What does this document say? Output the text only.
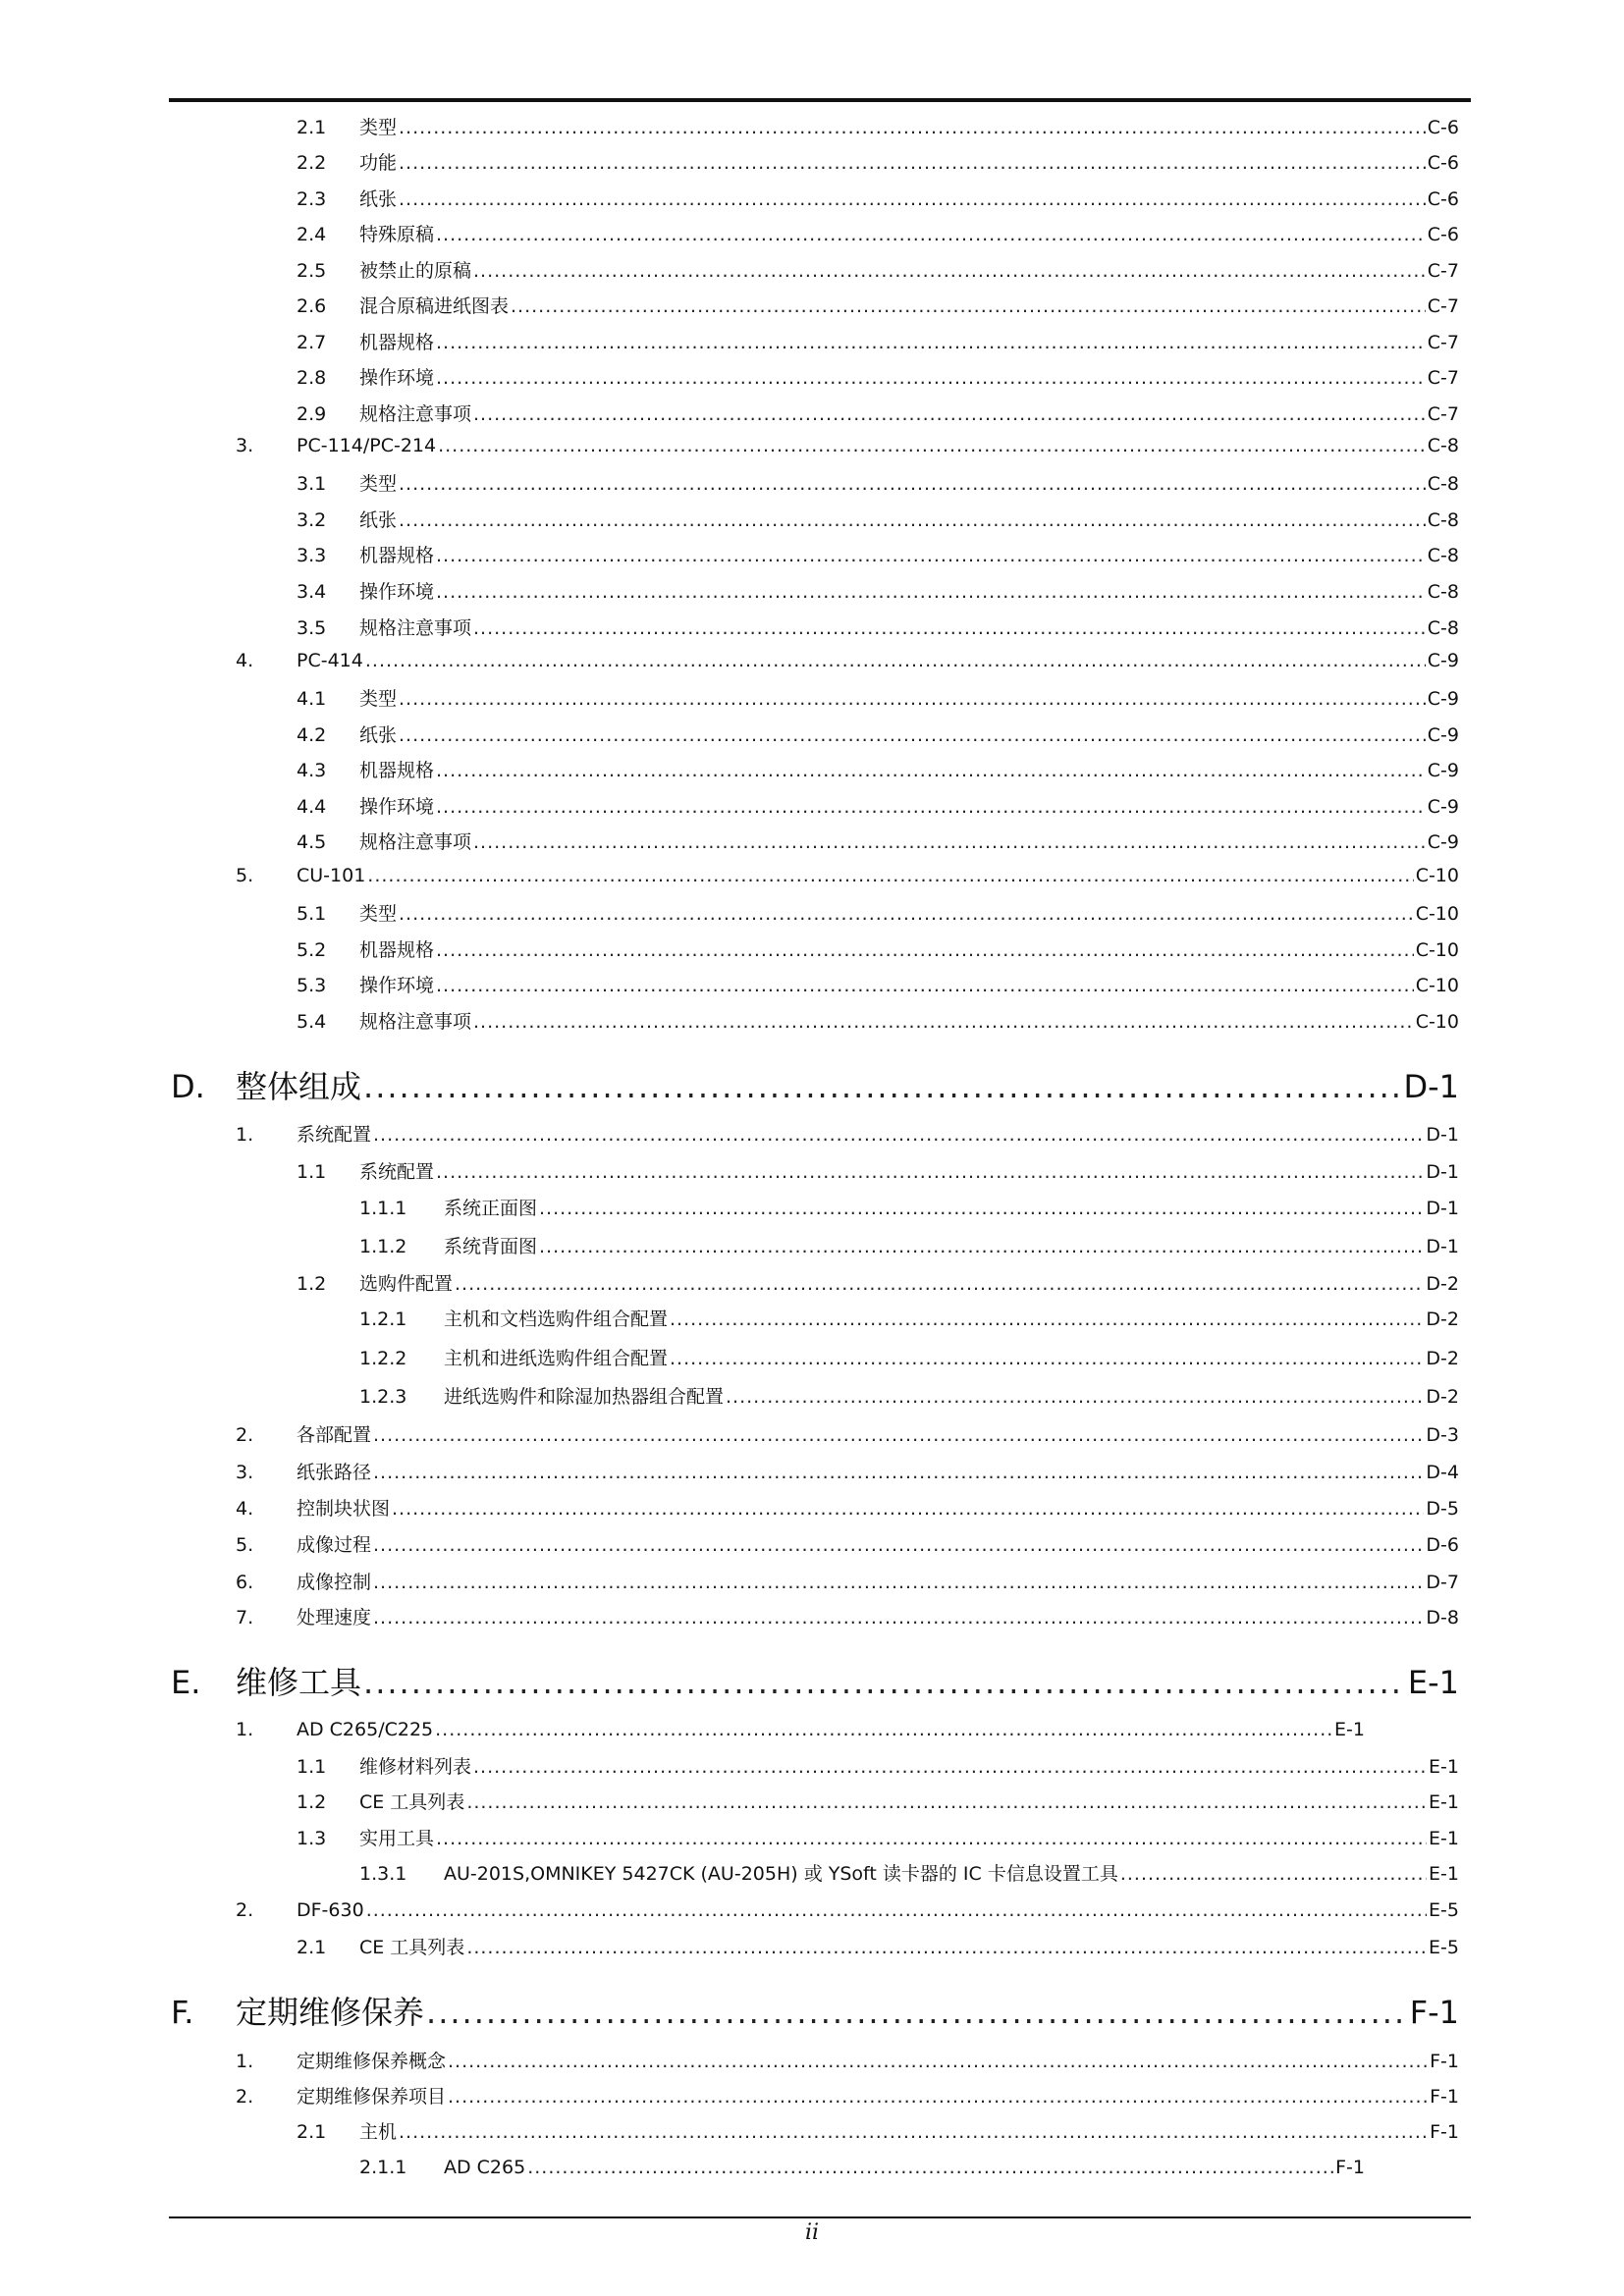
2.1	类型 .....	C-6
2.2	功能 .....	C-6
2.3	纸张 .....	C-6
2.4	特殊原稿 .....	C-6
2.5	被禁止的原稿 .....	C-7
2.6	混合原稿进纸图表 .....	C-7
2.7	机器规格 .....	C-7
2.8	操作环境 .....	C-7
2.9	规格注意事项 .....	C-7
3.	PC-114/PC-214 .....	C-8
3.1	类型 .....	C-8
3.2	纸张 .....	C-8
3.3	机器规格 .....	C-8
3.4	操作环境 .....	C-8
3.5	规格注意事项 .....	C-8
4.	PC-414 .....	C-9
4.1	类型 .....	C-9
4.2	纸张 .....	C-9
4.3	机器规格 .....	C-9
4.4	操作环境 .....	C-9
4.5	规格注意事项 .....	C-9
5.	CU-101 .....	C-10
5.1	类型 .....	C-10
5.2	机器规格 .....	C-10
5.3	操作环境 .....	C-10
5.4	规格注意事项 .....	C-10
D. 整体组成 .....	D-1
1.	系统配置 .....	D-1
1.1	系统配置 .....	D-1
1.1.1	系统正面图 .....	D-1
1.1.2	系统背面图 .....	D-1
1.2	选购件配置 .....	D-2
1.2.1	主机和文档选购件组合配置 .....	D-2
1.2.2	主机和进纸选购件组合配置 .....	D-2
1.2.3	进纸选购件和除湿加热器组合配置 .....	D-2
2.	各部配置 .....	D-3
3.	纸张路径 .....	D-4
4.	控制块状图 .....	D-5
5.	成像过程 .....	D-6
6.	成像控制 .....	D-7
7.	处理速度 .....	D-8
E.	维修工具 .....	E-1
1.	AD C265/C225 .....	E-1
1.1	维修材料列表 .....	E-1
1.2	CE 工具列表 .....	E-1
1.3	实用工具 .....	E-1
1.3.1	AU-201S,OMNIKEY 5427CK (AU-205H) 或 YSoft 读卡器的 IC 卡信息设置工具 .....	E-1
2.	DF-630 .....	E-5
2.1	CE 工具列表 .....	E-5
F.	定期维修保养 .....	F-1
1.	定期维修保养概念 .....	F-1
2.	定期维修保养项目 .....	F-1
2.1	主机 .....	F-1
2.1.1	AD C265 .....	F-1
ii
